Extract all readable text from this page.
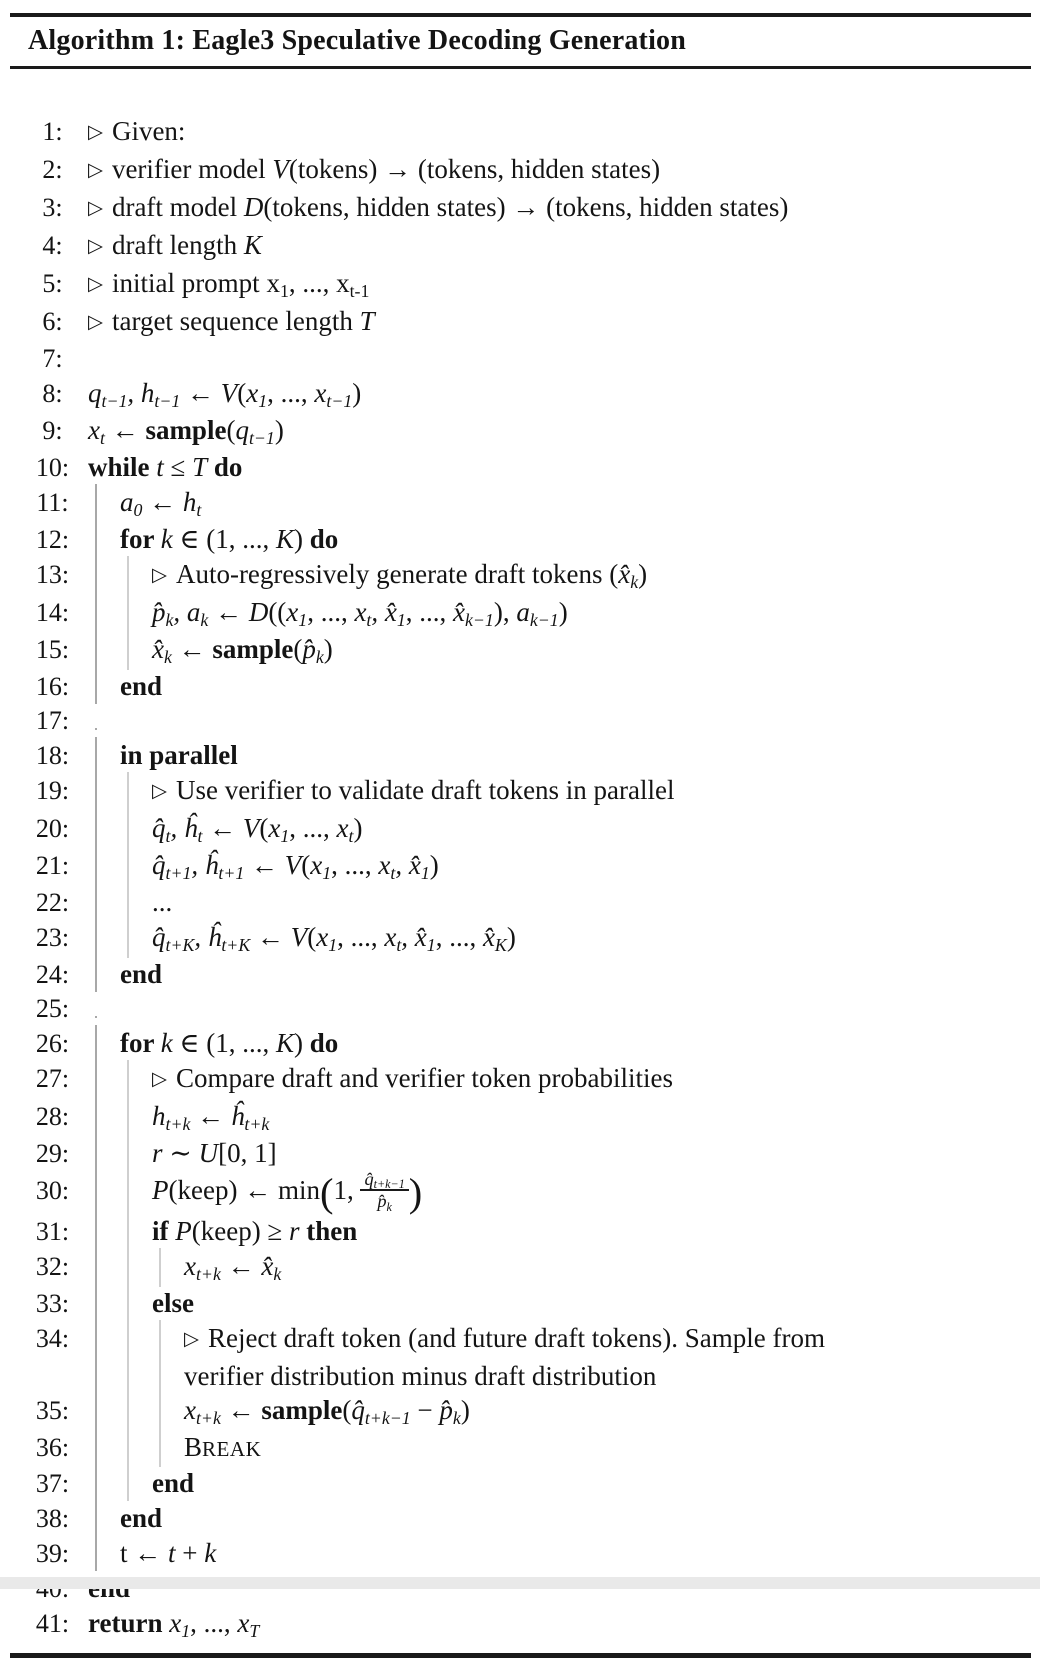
Algorithm 1: Eagle3 Speculative Decoding Generation
1:	▷ Given:
2:	▷ verifier model V(tokens) → (tokens, hidden states)
3:	▷ draft model D(tokens, hidden states) → (tokens, hidden states)
4:	▷ draft length K
5:	▷ initial prompt x1, ..., xt-1
6:	▷ target sequence length T
7:
8: qt−1, ht−1 ← V(x1, ..., xt−1)
9: xt ← sample(qt−1)
10: while t ≤ T do
11:	a0 ← ht
12:	for k ∈ (1, ..., K) do
13:	▷ Auto-regressively generate draft tokens (x̂k)
14:	p̂k, ak ← D((x1, ..., xt, x̂1, ..., x̂k−1), ak−1)
15:	x̂k ← sample(p̂k)
16:	end
17:
18:	in parallel
19:	▷ Use verifier to validate draft tokens in parallel
20:	q̂t, ĥt ← V(x1, ..., xt)
21:	q̂t+1, ĥt+1 ← V(x1, ..., xt, x̂1)
22:	...
23:	q̂t+K, ĥt+K ← V(x1, ..., xt, x̂1, ..., x̂K)
24:	end
25:
26:	for k ∈ (1, ..., K) do
27:	▷ Compare draft and verifier token probabilities
28:	ht+k ← ĥt+k
29:	r ∼ U[0, 1]
30:	P(keep) ← min(1, $\frac{q̂t+k-1}{p̂k}$ )
31:	if P(keep) ≥ r then
32:	xt+k ← x̂k
33:	else
34:	▷ Reject draft token (and future draft tokens). Sample from
verifier distribution minus draft distribution
35:	xt+k ← sample(q̂t+k−1 − p̂k)
36:	BREAK
37:	end
38:	end
39:	t ← t + k
41: return x1, ..., xT
